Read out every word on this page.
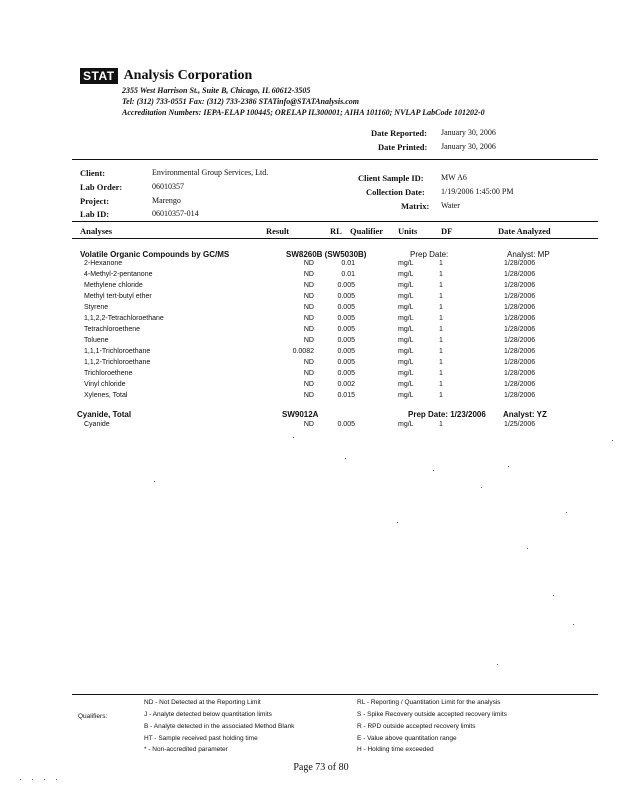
STAT Analysis Corporation
2355 West Harrison St., Suite B, Chicago, IL 60612-3505
Tel: (312) 733-0551 Fax: (312) 733-2386 STATinfo@STATAnalysis.com
Accreditation Numbers: IEPA-ELAP 100445; ORELAP IL300001; AIHA 101160; NVLAP LabCode 101202-0
Date Reported: January 30, 2006
Date Printed: January 30, 2006
Client:	Environmental Group Services, Ltd.
Lab Order:	06010357
Project:	Marengo
Lab ID:	06010357-014
Client Sample ID: MW A6
Collection Date: 1/19/2006 1:45:00 PM
Matrix: Water
Analyses	Result	RL Qualifier Units	DF	Date Analyzed
Volatile Organic Compounds by GC/MS	SW8260B (SW5030B)	Prep Date:	Analyst: MP
2-Hexanone	ND	0.01	mg/L	1	1/28/2006
4-Methyl-2-pentanone	ND	0.01	mg/L	1	1/28/2006
Methylene chloride	ND	0.005	mg/L	1	1/28/2006
Methyl tert-butyl ether	ND	0.005	mg/L	1	1/28/2006
Styrene	ND	0.005	mg/L	1	1/28/2006
1,1,2,2-Tetrachloroethane	ND	0.005	mg/L	1	1/28/2006
Tetrachloroethene	ND	0.005	mg/L	1	1/28/2006
Toluene	ND	0.005	mg/L	1	1/28/2006
1,1,1-Trichloroethane	0.0082	0.005	mg/L	1	1/28/2006
1,1,2-Trichloroethane	ND	0.005	mg/L	1	1/28/2006
Trichloroethene	ND	0.005	mg/L	1	1/28/2006
Vinyl chloride	ND	0.002	mg/L	1	1/28/2006
Xylenes, Total	ND	0.015	mg/L	1	1/28/2006
Cyanide, Total	SW9012A	Prep Date: 1/23/2006 Analyst: YZ
Cyanide	ND	0.005	mg/L	1	1/25/2006
Qualifiers:
ND - Not Detected at the Reporting Limit
J - Analyte detected below quantitation limits
B - Analyte detected in the associated Method Blank
HT - Sample received past holding time
* - Non-accredited parameter
RL - Reporting / Quantitation Limit for the analysis
S - Spike Recovery outside accepted recovery limits
R - RPD outside accepted recovery limits
E - Value above quantitation range
H - Holding time exceeded
Page 73 of 80
